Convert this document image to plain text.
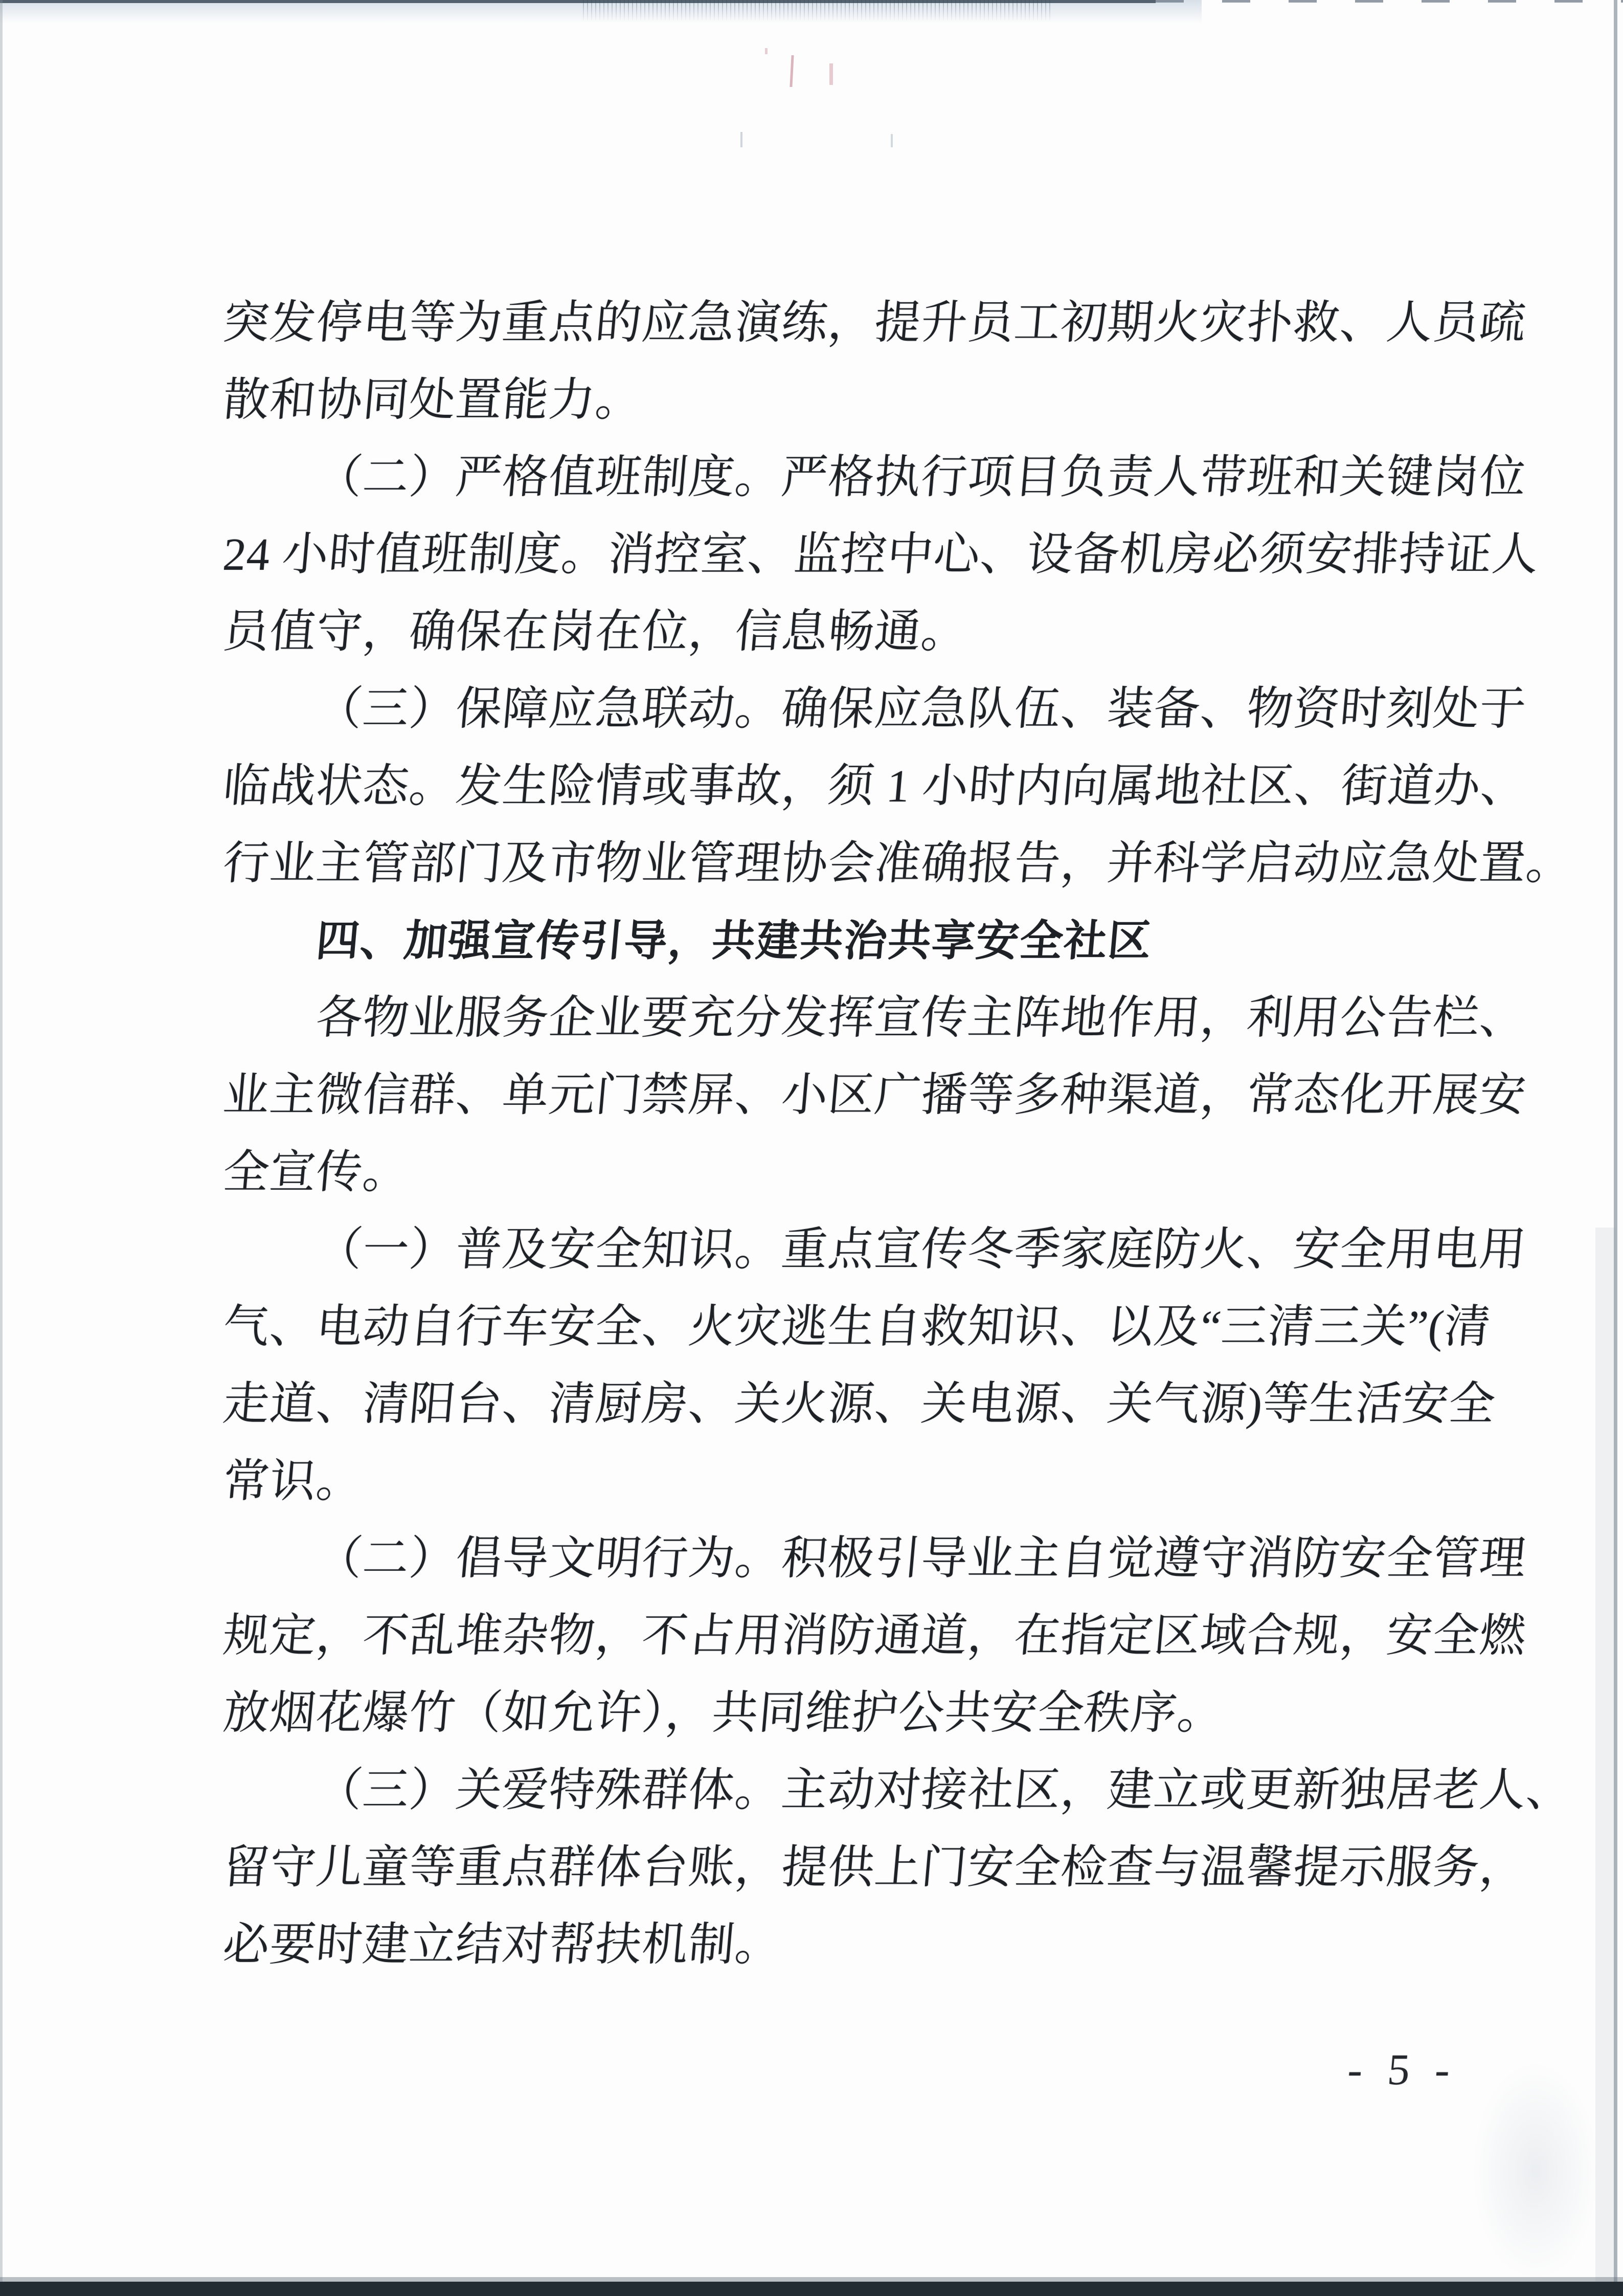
突发停电等为重点的应急演练，提升员工初期火灾扑救、人员疏
散和协同处置能力。
（二）严格值班制度。严格执行项目负责人带班和关键岗位
24 小时值班制度。消控室、监控中心、设备机房必须安排持证人
员值守，确保在岗在位，信息畅通。
（三）保障应急联动。确保应急队伍、装备、物资时刻处于
临战状态。发生险情或事故，须 1 小时内向属地社区、街道办、
行业主管部门及市物业管理协会准确报告，并科学启动应急处置。
四、加强宣传引导，共建共治共享安全社区
各物业服务企业要充分发挥宣传主阵地作用，利用公告栏、
业主微信群、单元门禁屏、小区广播等多种渠道，常态化开展安
全宣传。
（一）普及安全知识。重点宣传冬季家庭防火、安全用电用
气、电动自行车安全、火灾逃生自救知识、以及“三清三关”(清
走道、清阳台、清厨房、关火源、关电源、关气源)等生活安全
常识。
（二）倡导文明行为。积极引导业主自觉遵守消防安全管理
规定，不乱堆杂物，不占用消防通道，在指定区域合规，安全燃
放烟花爆竹（如允许），共同维护公共安全秩序。
（三）关爱特殊群体。主动对接社区，建立或更新独居老人、
留守儿童等重点群体台账，提供上门安全检查与温馨提示服务，
必要时建立结对帮扶机制。
- 5 -
